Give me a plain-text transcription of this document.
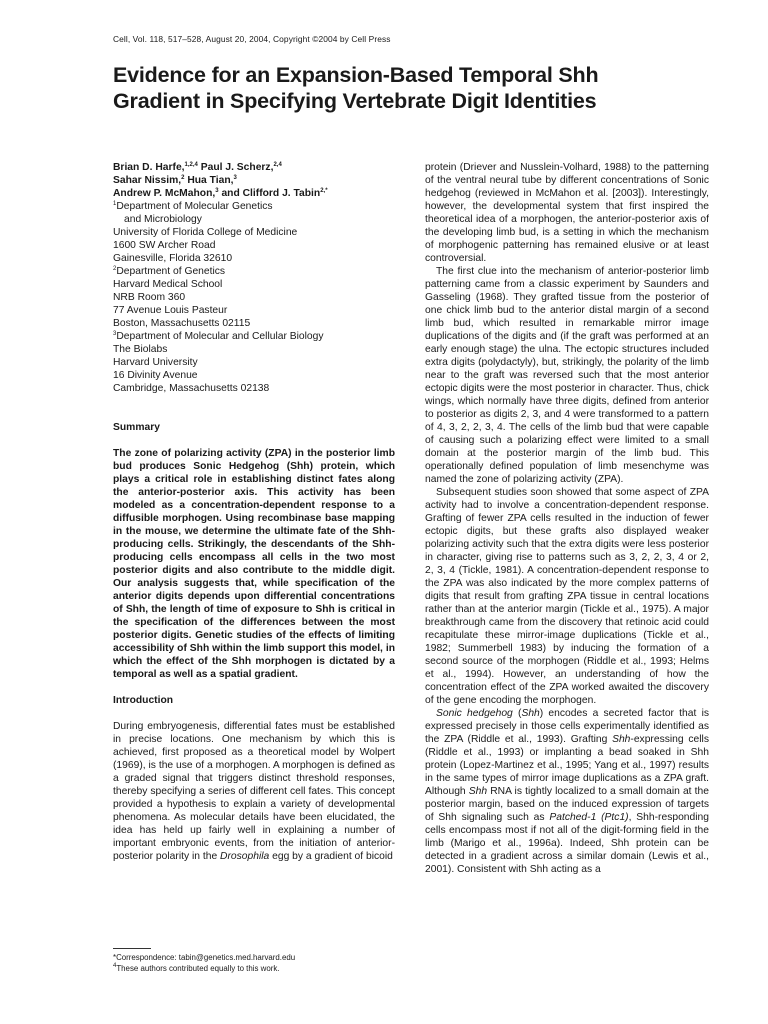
Cell, Vol. 118, 517–528, August 20, 2004, Copyright ©2004 by Cell Press
Evidence for an Expansion-Based Temporal Shh
Gradient in Specifying Vertebrate Digit Identities
Brian D. Harfe,$^{1,2,4}$ Paul J. Scherz,$^{2,4}$
Sahar Nissim,$^2$ Hua Tian,$^3$
Andrew P. McMahon,$^3$ and Clifford J. Tabin$^{2,*}$
$^1$Department of Molecular Genetics
and Microbiology
University of Florida College of Medicine
1600 SW Archer Road
Gainesville, Florida 32610
$^2$Department of Genetics
Harvard Medical School
NRB Room 360
77 Avenue Louis Pasteur
Boston, Massachusetts 02115
$^3$Department of Molecular and Cellular Biology
The Biolabs
Harvard University
16 Divinity Avenue
Cambridge, Massachusetts 02138

Summary

The zone of polarizing activity (ZPA) in the posterior limb bud produces Sonic Hedgehog (Shh) protein, which plays a critical role in establishing distinct fates along the anterior-posterior axis. This activity has been modeled as a concentration-dependent response to a diffusible morphogen. Using recombinase base mapping in the mouse, we determine the ultimate fate of the Shh-producing cells. Strikingly, the descendants of the Shh-producing cells encompass all cells in the two most posterior digits and also contribute to the middle digit. Our analysis suggests that, while specification of the anterior digits depends upon differential concentrations of Shh, the length of time of exposure to Shh is critical in the specification of the differences between the most posterior digits. Genetic studies of the effects of limiting accessibility of Shh within the limb support this model, in which the effect of the Shh morphogen is dictated by a temporal as well as a spatial gradient.

Introduction

During embryogenesis, differential fates must be established in precise locations. One mechanism by which this is achieved, first proposed as a theoretical model by Wolpert (1969), is the use of a morphogen. A morphogen is defined as a graded signal that triggers distinct threshold responses, thereby specifying a series of different cell fates. This concept provided a hypothesis to explain a variety of developmental phenomena. As molecular details have been elucidated, the idea has held up fairly well in explaining a number of important embryonic events, from the initiation of anterior-posterior polarity in the Drosophila egg by a gradient of bicoid

*Correspondence: tabin@genetics.med.harvard.edu
$^4$These authors contributed equally to this work.

protein (Driever and Nusslein-Volhard, 1988) to the patterning of the ventral neural tube by different concentrations of Sonic hedgehog (reviewed in McMahon et al. [2003]). Interestingly, however, the developmental system that first inspired the theoretical idea of a morphogen, the anterior-posterior axis of the developing limb bud, is a setting in which the mechanism of morphogenic patterning has remained elusive or at least controversial.

The first clue into the mechanism of anterior-posterior limb patterning came from a classic experiment by Saunders and Gasseling (1968). They grafted tissue from the posterior of one chick limb bud to the anterior distal margin of a second limb bud, which resulted in remarkable mirror image duplications of the digits and (if the graft was performed at an early enough stage) the ulna. The ectopic structures included extra digits (polydactyly), but, strikingly, the polarity of the limb near to the graft was reversed such that the most anterior ectopic digits were the most posterior in character. Thus, chick wings, which normally have three digits, defined from anterior to posterior as digits 2, 3, and 4 were transformed to a pattern of 4, 3, 2, 2, 3, 4. The cells of the limb bud that were capable of causing such a polarizing effect were limited to a small domain at the posterior margin of the limb bud. This operationally defined population of limb mesenchyme was named the zone of polarizing activity (ZPA).

Subsequent studies soon showed that some aspect of ZPA activity had to involve a concentration-dependent response. Grafting of fewer ZPA cells resulted in the induction of fewer ectopic digits, but these grafts also displayed weaker polarizing activity such that the extra digits were less posterior in character, giving rise to patterns such as 3, 2, 2, 3, 4 or 2, 2, 3, 4 (Tickle, 1981). A concentration-dependent response to the ZPA was also indicated by the more complex patterns of digits that result from grafting ZPA tissue in central locations rather than at the anterior margin (Tickle et al., 1975). A major breakthrough came from the discovery that retinoic acid could recapitulate these mirror-image duplications (Tickle et al., 1982; Summerbell 1983) by inducing the formation of a second source of the morphogen (Riddle et al., 1993; Helms et al., 1994). However, an understanding of how the concentration effect of the ZPA worked awaited the discovery of the gene encoding the morphogen.

Sonic hedgehog (Shh) encodes a secreted factor that is expressed precisely in those cells experimentally identified as the ZPA (Riddle et al., 1993). Grafting Shh-expressing cells (Riddle et al., 1993) or implanting a bead soaked in Shh protein (Lopez-Martinez et al., 1995; Yang et al., 1997) results in the same types of mirror image duplications as a ZPA graft. Although Shh RNA is tightly localized to a small domain at the posterior margin, based on the induced expression of targets of Shh signaling such as Patched-1 (Ptc1), Shh-responding cells encompass most if not all of the digit-forming field in the limb (Marigo et al., 1996a). Indeed, Shh protein can be detected in a gradient across a similar domain (Lewis et al., 2001). Consistent with Shh acting as a
